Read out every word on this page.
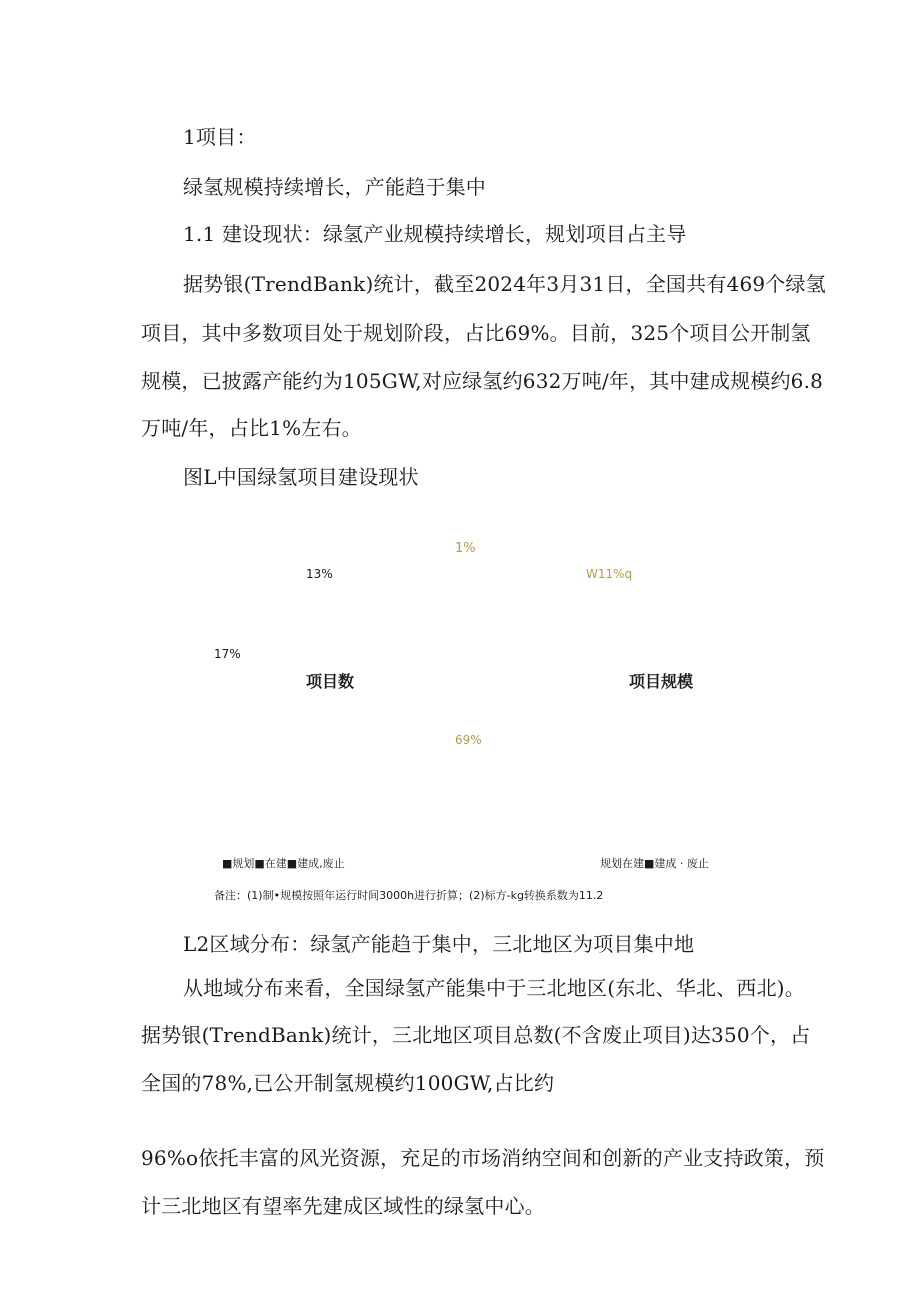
1项目：
绿氢规模持续增长，产能趋于集中
1.1 建设现状：绿氢产业规模持续增长，规划项目占主导
据势银(TrendBank)统计，截至2024年3月31日，全国共有469个绿氢
项目，其中多数项目处于规划阶段，占比69%。目前，325个项目公开制氢
规模，已披露产能约为105GW,对应绿氢约632万吨/年，其中建成规模约6.8
万吨/年，占比1%左右。
图L中国绿氢项目建设现状
1%
13%	W11%q
17%
项目数	项目规模
69%
■规划■在建■建成,废止	规划在建■建成 · 废止
备注：(1)制•规模按照年运行时间3000h进行折算；(2)标方-kg转换系数为11.2
L2区域分布：绿氢产能趋于集中，三北地区为项目集中地
从地域分布来看，全国绿氢产能集中于三北地区(东北、华北、西北)。
据势银(TrendBank)统计，三北地区项目总数(不含废止项目)达350个，占
全国的78%,已公开制氢规模约100GW,占比约
96%o依托丰富的风光资源，充足的市场消纳空间和创新的产业支持政策，预
计三北地区有望率先建成区域性的绿氢中心。
